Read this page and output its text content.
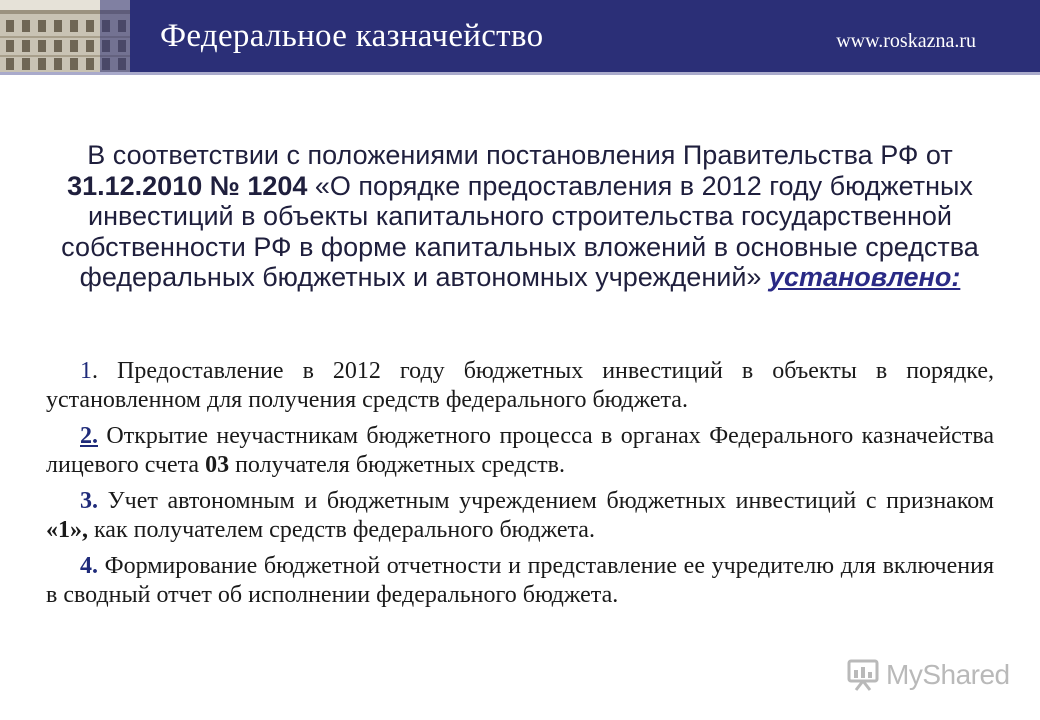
Федеральное казначейство	www.roskazna.ru
В соответствии с положениями постановления Правительства РФ от 31.12.2010 № 1204 «О порядке предоставления в 2012 году бюджетных инвестиций в объекты капитального строительства государственной собственности РФ в форме капитальных вложений в основные средства федеральных бюджетных и автономных учреждений» установлено:

1. Предоставление в 2012 году бюджетных инвестиций в объекты в порядке, установленном для получения средств федерального бюджета.

2. Открытие неучастникам бюджетного процесса в органах Федерального казначейства лицевого счета 03 получателя бюджетных средств.

3. Учет автономным и бюджетным учреждением бюджетных инвестиций с признаком «1», как получателем средств федерального бюджета.

4. Формирование бюджетной отчетности и представление ее учредителю для включения в сводный отчет об исполнении федерального бюджета.

MyShared
